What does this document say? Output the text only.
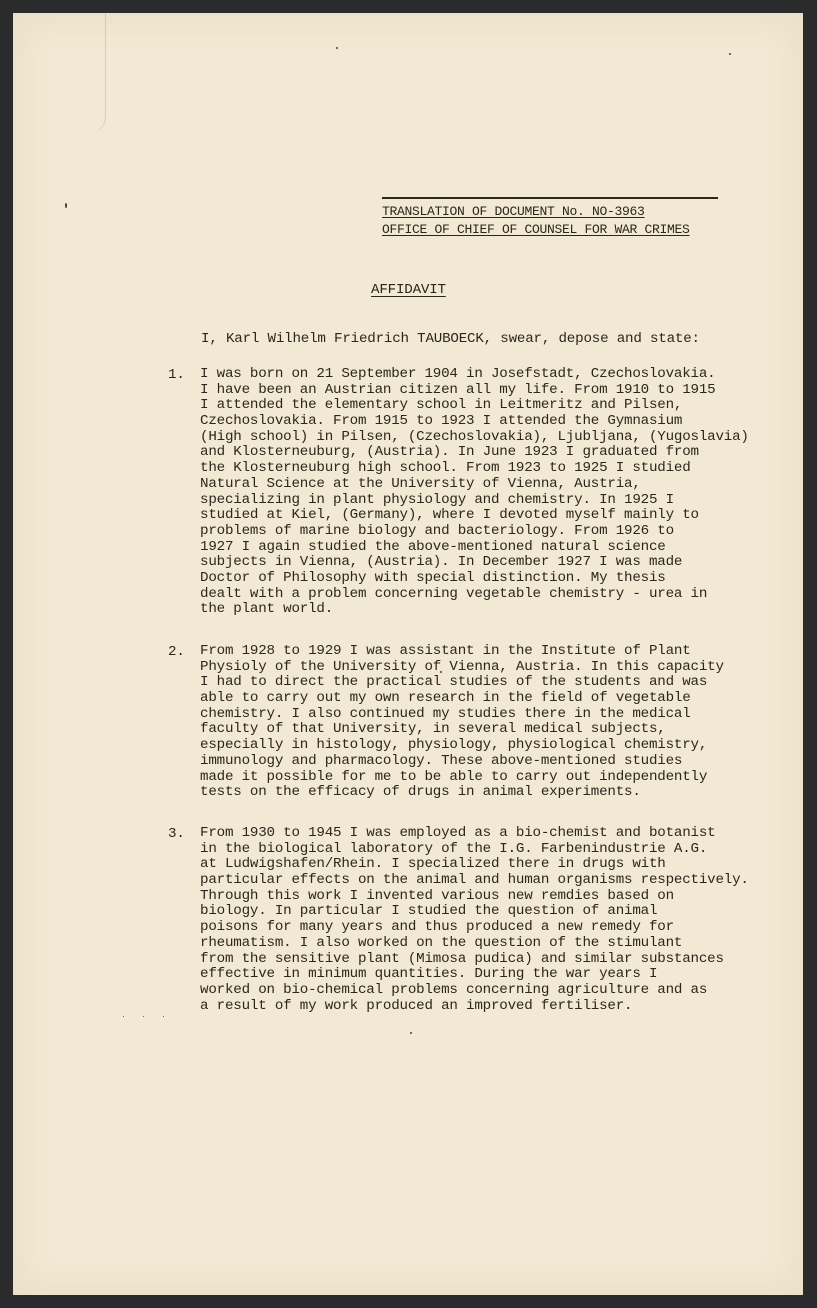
TRANSLATION OF DOCUMENT No. NO-3963
OFFICE OF CHIEF OF COUNSEL FOR WAR CRIMES
AFFIDAVIT
I, Karl Wilhelm Friedrich TAUBOECK, swear, depose and state:
1. I was born on 21 September 1904 in Josefstadt, Czechoslovakia.
I have been an Austrian citizen all my life. From 1910 to 1915
I attended the elementary school in Leitmeritz and Pilsen,
Czechoslovakia. From 1915 to 1923 I attended the Gymnasium
(High school) in Pilsen, (Czechoslovakia), Ljubljana, (Yugoslavia)
and Klosterneuburg, (Austria). In June 1923 I graduated from
the Klosterneuburg high school. From 1923 to 1925 I studied
Natural Science at the University of Vienna, Austria,
specializing in plant physiology and chemistry. In 1925 I
studied at Kiel, (Germany), where I devoted myself mainly to
problems of marine biology and bacteriology. From 1926 to
1927 I again studied the above-mentioned natural science
subjects in Vienna, (Austria). In December 1927 I was made
Doctor of Philosophy with special distinction. My thesis
dealt with a problem concerning vegetable chemistry - urea in
the plant world.
2. From 1928 to 1929 I was assistant in the Institute of Plant
Physioly of the University of Vienna, Austria. In this capacity
I had to direct the practical studies of the students and was
able to carry out my own research in the field of vegetable
chemistry. I also continued my studies there in the medical
faculty of that University, in several medical subjects,
especially in histology, physiology, physiological chemistry,
immunology and pharmacology. These above-mentioned studies
made it possible for me to be able to carry out independently
tests on the efficacy of drugs in animal experiments.
3. From 1930 to 1945 I was employed as a bio-chemist and botanist
in the biological laboratory of the I.G. Farbenindustrie A.G.
at Ludwigshafen/Rhein. I specialized there in drugs with
particular effects on the animal and human organisms respectively.
Through this work I invented various new remdies based on
biology. In particular I studied the question of animal
poisons for many years and thus produced a new remedy for
rheumatism. I also worked on the question of the stimulant
from the sensitive plant (Mimosa pudica) and similar substances
effective in minimum quantities. During the war years I
worked on bio-chemical problems concerning agriculture and as
a result of my work produced an improved fertiliser.
